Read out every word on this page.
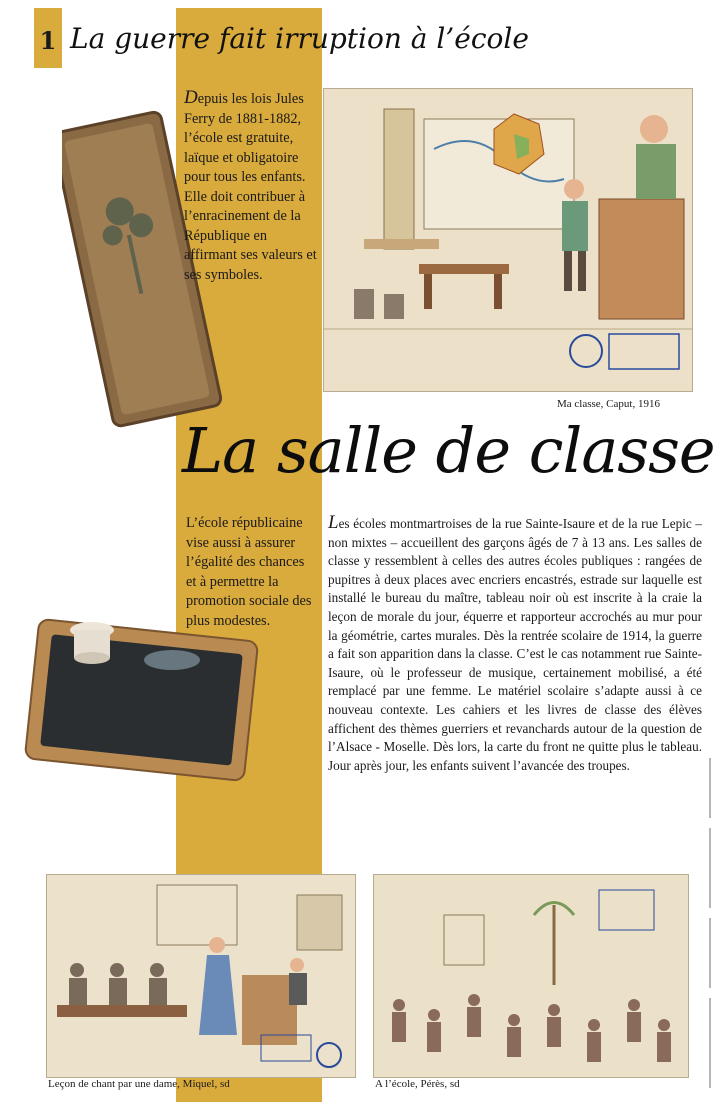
1 La guerre fait irruption à l’école
Depuis les lois Jules Ferry de 1881-1882, l’école est gratuite, laïque et obligatoire pour tous les enfants. Elle doit contribuer à l’enracinement de la République en affirmant ses valeurs et ses symboles.
Ma classe, Caput, 1916
La salle de classe
L’école républicaine vise aussi à assurer l’égalité des chances et à permettre la promotion sociale des plus modestes.
Les écoles montmartroises de la rue Sainte-Isaure et de la rue Lepic – non mixtes – accueillent des garçons âgés de 7 à 13 ans. Les salles de classe y ressemblent à celles des autres écoles publiques : rangées de pupitres à deux places avec encriers encastrés, estrade sur laquelle est installé le bureau du maître, tableau noir où est inscrite à la craie la leçon de morale du jour, équerre et rapporteur accrochés au mur pour la géométrie, cartes murales. Dès la rentrée scolaire de 1914, la guerre a fait son apparition dans la classe. C’est le cas notamment rue Sainte-Isaure, où le professeur de musique, certainement mobilisé, a été remplacé par une femme. Le matériel scolaire s’adapte aussi à ce nouveau contexte. Les cahiers et les livres de classe des élèves affichent des thèmes guerriers et revanchards autour de la question de l’Alsace - Moselle. Dès lors, la carte du front ne quitte plus le tableau. Jour après jour, les enfants suivent l’avancée des troupes.
Leçon de chant par une dame, Miquel, sd	A l’école, Pérès, sd
